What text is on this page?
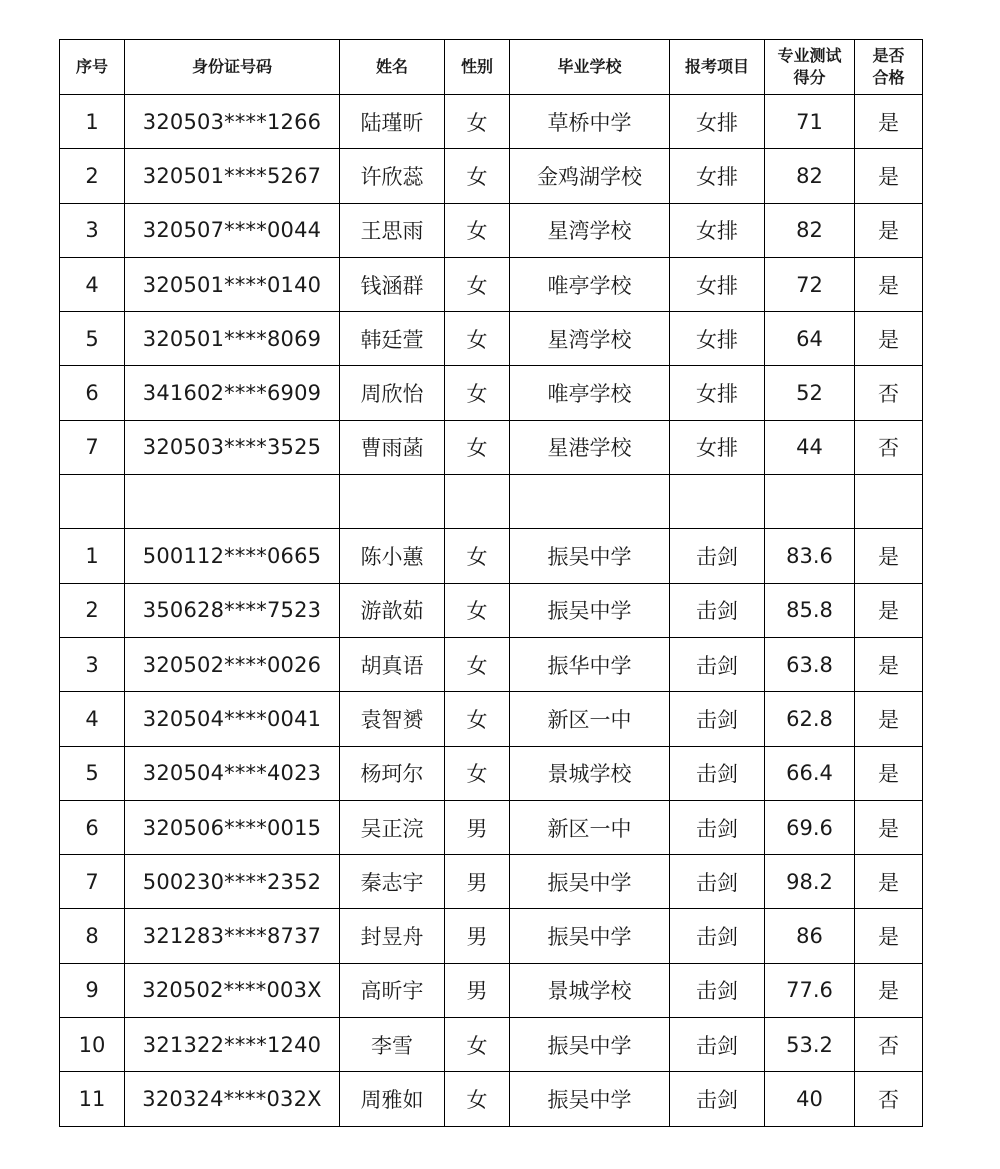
序号	身份证号码	姓名	性别	毕业学校	报考项目	专业测试得分	是否合格
1	320503****1266	陆瑾昕	女	草桥中学	女排	71	是
2	320501****5267	许欣蕊	女	金鸡湖学校	女排	82	是
3	320507****0044	王思雨	女	星湾学校	女排	82	是
4	320501****0140	钱涵群	女	唯亭学校	女排	72	是
5	320501****8069	韩廷萱	女	星湾学校	女排	64	是
6	341602****6909	周欣怡	女	唯亭学校	女排	52	否
7	320503****3525	曹雨菡	女	星港学校	女排	44	否

1	500112****0665	陈小蕙	女	振吴中学	击剑	83.6	是
2	350628****7523	游歆茹	女	振吴中学	击剑	85.8	是
3	320502****0026	胡真语	女	振华中学	击剑	63.8	是
4	320504****0041	袁智赟	女	新区一中	击剑	62.8	是
5	320504****4023	杨珂尔	女	景城学校	击剑	66.4	是
6	320506****0015	吴正浣	男	新区一中	击剑	69.6	是
7	500230****2352	秦志宇	男	振吴中学	击剑	98.2	是
8	321283****8737	封昱舟	男	振吴中学	击剑	86	是
9	320502****003X	高昕宇	男	景城学校	击剑	77.6	是
10	321322****1240	李雪	女	振吴中学	击剑	53.2	否
11	320324****032X	周雅如	女	振吴中学	击剑	40	否
